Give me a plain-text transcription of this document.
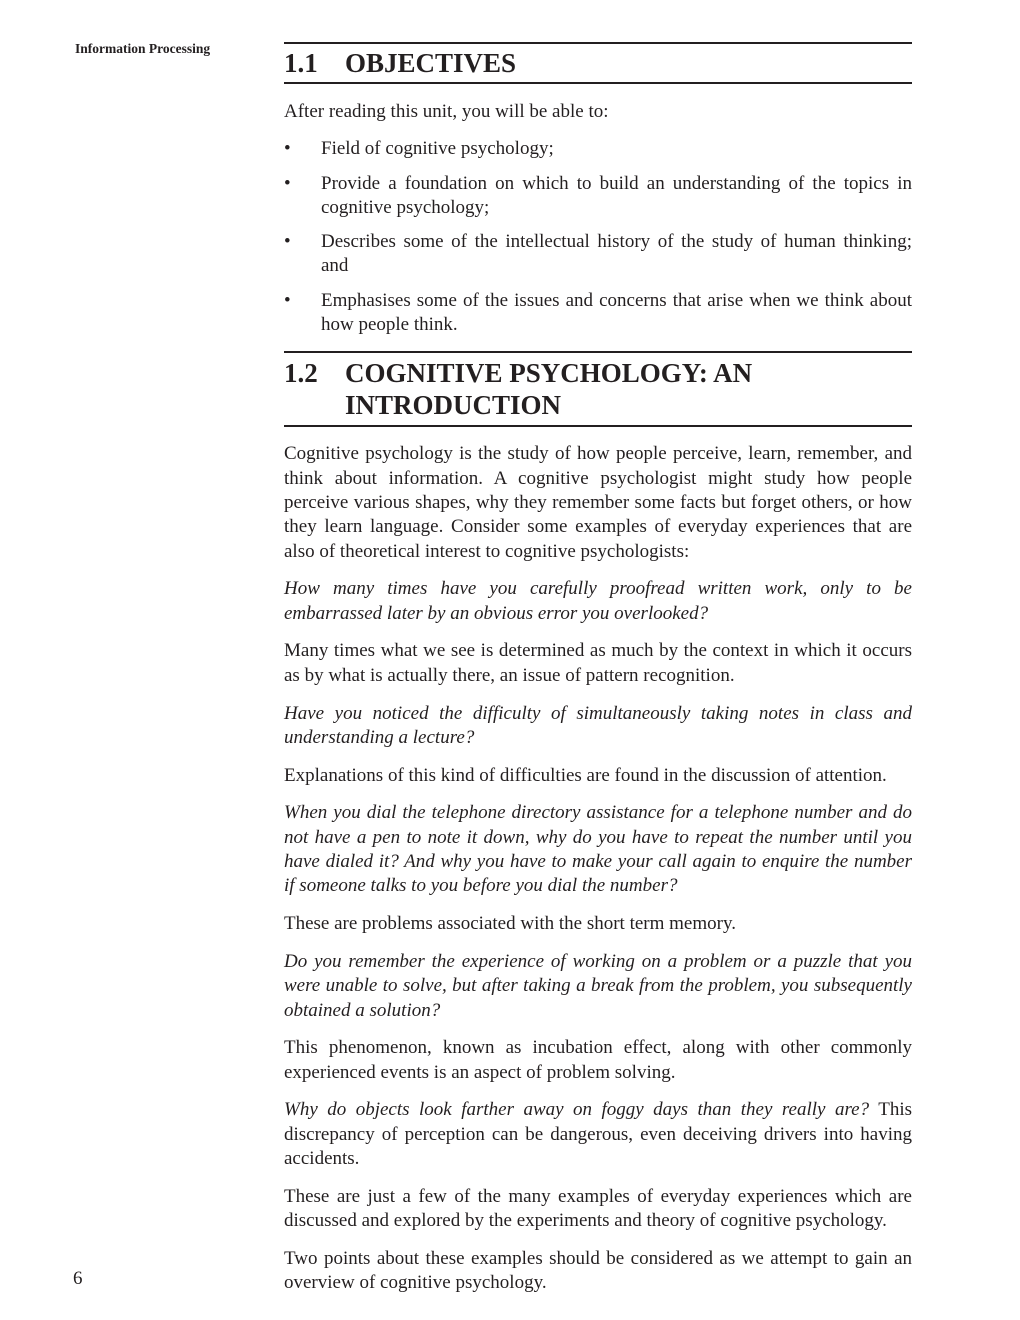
Information Processing	1.1	OBJECTIVES

After reading this unit, you will be able to:

• Field of cognitive psychology;
• Provide a foundation on which to build an understanding of the topics in cognitive psychology;
• Describes some of the intellectual history of the study of human thinking; and
• Emphasises some of the issues and concerns that arise when we think about how people think.
1.2	COGNITIVE PSYCHOLOGY: AN
INTRODUCTION

Cognitive psychology is the study of how people perceive, learn, remember, and think about information. A cognitive psychologist might study how people perceive various shapes, why they remember some facts but forget others, or how they learn language. Consider some examples of everyday experiences that are also of theoretical interest to cognitive psychologists:

How many times have you carefully proofread written work, only to be embarrassed later by an obvious error you overlooked?

Many times what we see is determined as much by the context in which it occurs as by what is actually there, an issue of pattern recognition.

Have you noticed the difficulty of simultaneously taking notes in class and understanding a lecture?

Explanations of this kind of difficulties are found in the discussion of attention.

When you dial the telephone directory assistance for a telephone number and do not have a pen to note it down, why do you have to repeat the number until you have dialed it? And why you have to make your call again to enquire the number if someone talks to you before you dial the number?

These are problems associated with the short term memory.

Do you remember the experience of working on a problem or a puzzle that you were unable to solve, but after taking a break from the problem, you subsequently obtained a solution?

This phenomenon, known as incubation effect, along with other commonly experienced events is an aspect of problem solving.

Why do objects look farther away on foggy days than they really are? This discrepancy of perception can be dangerous, even deceiving drivers into having accidents.

These are just a few of the many examples of everyday experiences which are discussed and explored by the experiments and theory of cognitive psychology.

Two points about these examples should be considered as we attempt to gain an overview of cognitive psychology.

6
